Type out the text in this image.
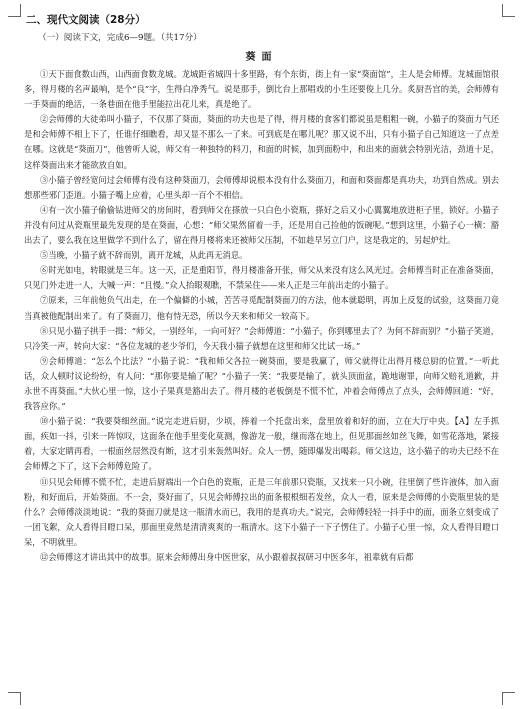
二、现代文阅读（28分）
（一）阅读下文，完成6—9题。（共17分）
葵面

①天下面食数山西，山西面食数龙城。龙城距省城四十多里路，有个东街，街上有一家“葵面馆”，主人是会师傅。龙城面馆很多，得月楼的名声最响，是个“良”字，生得白净秀气。说是那手，倒比台上那唱戏的小生还要俊上几分。炙厨吾宫的美，会师傅有一手葵面的绝活，一条巷面在他手里能拉出花儿来，真是绝了。

②会师傅的大徒弟叫小猫子，不仅那了葵面，葵面的功夫也是了得，得月楼的食客们都说虽是粗粗一碗，小猫子的葵面力气还是和会师傅不相上下了，任谁仔细瞧看，却又显不那么一了来。可到底是在哪儿呢？那又说不出，只有小猫子自己知道这一了点差在哪。这就是“葵面刀”，他曾听人说，师父有一种独特的料刀，和面的时候，加到面粉中，和出来的面就会特别光洁，劲道十足，这样葵面出来才能欲放自如。

③小猫子曾经宽问过会师傅有没有这种葵面刀，会师傅却说根本没有什么葵面刀，和面和葵面都是真功夫，功到自然成。别去想那些邪门歪道。小猫子嘴上应着，心里头却一百个不相信。

④有一次小猫子偷偷钻进师父的房间时，看到师父在搽放一只白色小瓷瓶，搽好之后又小心翼翼地放进柜子里，锁好。小猫子并没有问过从瓷瓶里最先发现的是在葵面，心想：“师父果然留着一手，还是用自己捡他的饭碗呢。”想到这里，小猫子心一横：豁出去了，要么我在这里做学不到什么了，留在得月楼将来还被师父压制，不如趁早另立门户，这是我定的，另起炉灶。

⑤当晚，小猫子就不辞而别，离开龙城，从此再无消息。

⑥时光如电，转眼就是三年。这一天，正是重阳节，得月楼准备开张，师父从来没有这么风光过。会师傅当时正在准备葵面，只见门外走进一人，大喊一声：“且慢。”众人抬眼观瞧，不禁呆住——来人正是三年前出走的小猫子。

⑦原来，三年前他负气出走，在一个偏僻的小城，苦苦寻觅配制葵面刀的方法，他本就聪明，再加上反复的试验，这葵面刀竟当真被他配制出来了。有了葵面刀，他有恃无恐，所以今天来和师父一较高下。

⑧只见小猫子拱手一揖：“师父，一别经年，一向可好？”会师傅道：“小猫子，你到哪里去了？为何不辞而别？”小猫子笑道，只冷笑一声，转向大家：“各位龙城的老少爷们，今天我小猫子就想在这里和师父比试一场。”

⑨会师傅道：“怎么个比法？”小猫子说：“我和师父各拉一碗葵面，要是我赢了，师父就得让出得月楼总厨的位置。”一听此话，众人顿时议论纷纷，有人问：“那你要是输了呢？”小猫子一笑：“我要是输了，就头顶面盆，跪地谢罪，向师父赔礼道歉，并永世不再葵面。”大伙心里一惊，这小子果真是豁出去了。得月楼的老板倒是不慌不忙，冲着会师傅点了点头，会师傅回道：“好，我答应你。”

⑩小猫子说：“我要葵细丝面。”说完走进后厨，少顷，捧着一个托盘出来，盘里放着和好的面，立在大厅中央。【A】左手抓面，疾如一抖，引来一阵惊叹，这面条在他手里变化莫测，像游龙一般，继而落在地上，但见那面丝如丝飞舞，如雪花落地，紧接着，大家定睛再看，一根面丝居然没有断，这才引来轰然叫好。众人一愣，随即爆发出喝彩。师父这边，这小猫子的功夫已经不在会师傅之下了，这下会师傅危险了。

⑪只见会师傅不慌不忙，走进后厨端出一个白色的瓷瓶，正是三年前那只瓷瓶，又找来一只小碗，往里倒了些许液体，加入面粉，和好面后，开始葵面。不一会，葵好面了，只见会师傅拉出的面条根根细若发丝，众人一看，原来是会师傅的小瓷瓶里装的是什么？会师傅淡淡地说：“我的葵面刀就是这一瓶清水而已，我用的是真功夫。”说完，会师傅轻轻一抖手中的面，面条立刻变成了一团飞絮，众人看得目瞪口呆，那面里竟然是清清爽爽的一瓶清水。这下小猫子一下子愣住了。小猫子心里一惊，众人看得目瞪口呆，不明就里。

⑫会师傅这才讲出其中的故事。原来会师傅出身中医世家，从小跟着叔叔研习中医多年，祖辈就有后都
